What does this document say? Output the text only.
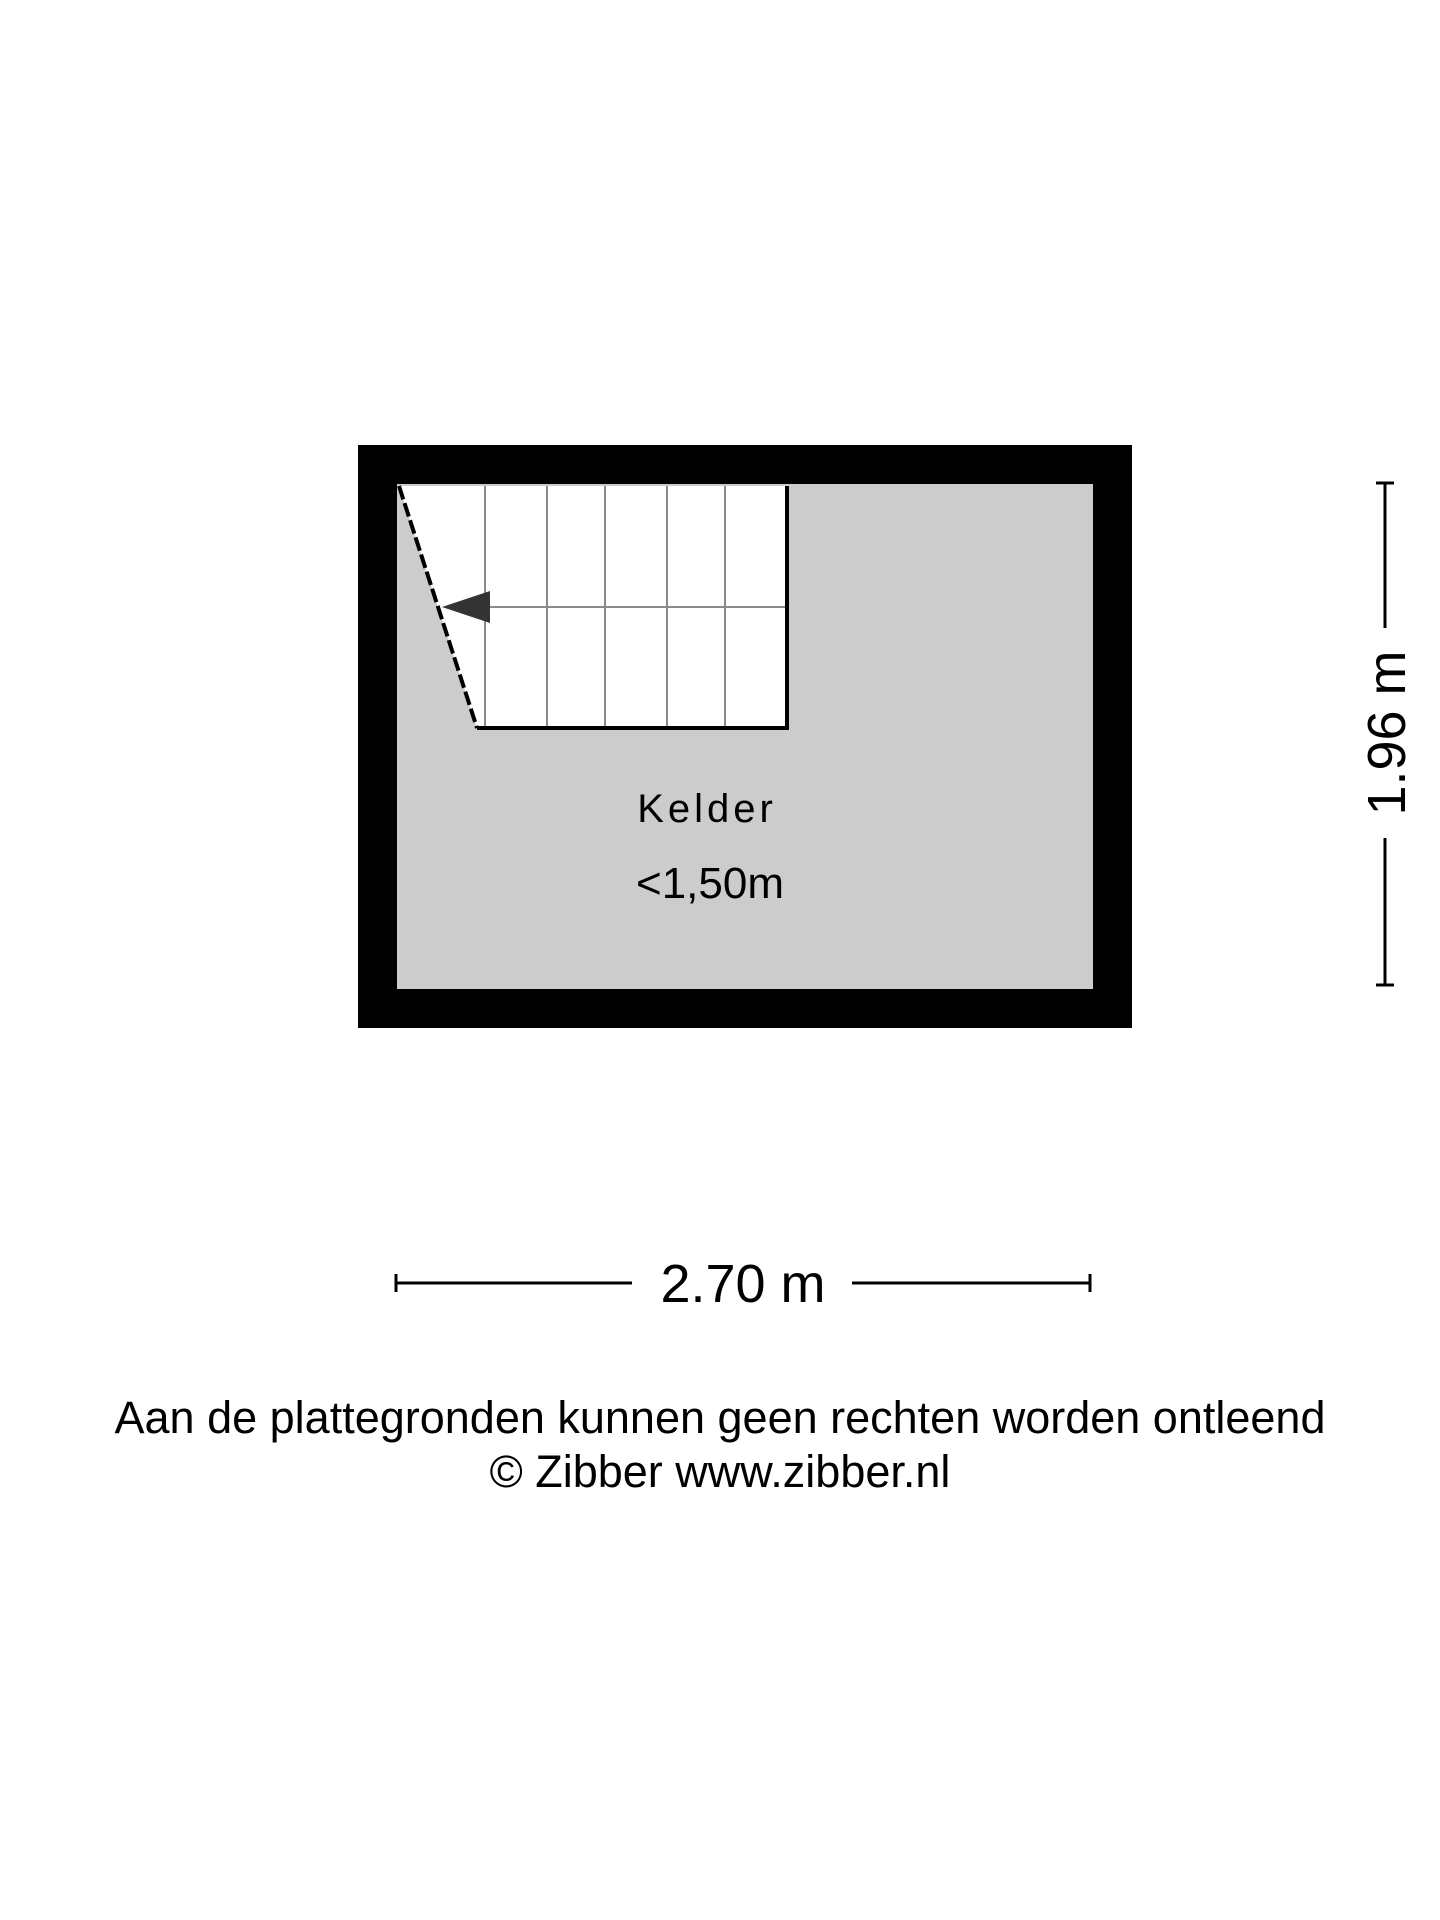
Kelder
<1,50m
2.70 m
1.96 m
Aan de plattegronden kunnen geen rechten worden ontleend
© Zibber www.zibber.nl
